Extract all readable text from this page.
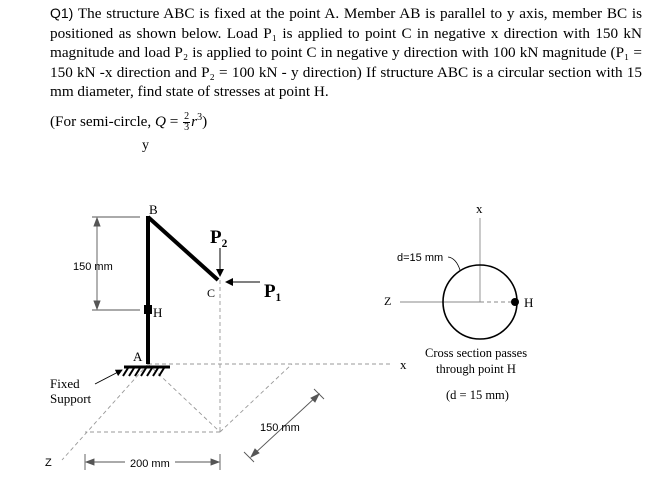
Q1) The structure ABC is fixed at the point A. Member AB is parallel to y axis, member BC is positioned as shown below. Load P₁ is applied to point C in negative x direction with 150 kN magnitude and load P₂ is applied to point C in negative y direction with 100 kN magnitude (P₁ = 150 kN -x direction and P₂ = 100 kN - y direction) If structure ABC is a circular section with 15 mm diameter, find state of stresses at point H.

(For semi-circle, $Q = \frac{2}{3} r^3$)
y
Z
B
A
C
H
P₂
P₁
150 mm
200 mm
150 mm
Fixed
Support
x
Z
x
d=15 mm
H
Cross section passes
through point H
(d = 15 mm)
